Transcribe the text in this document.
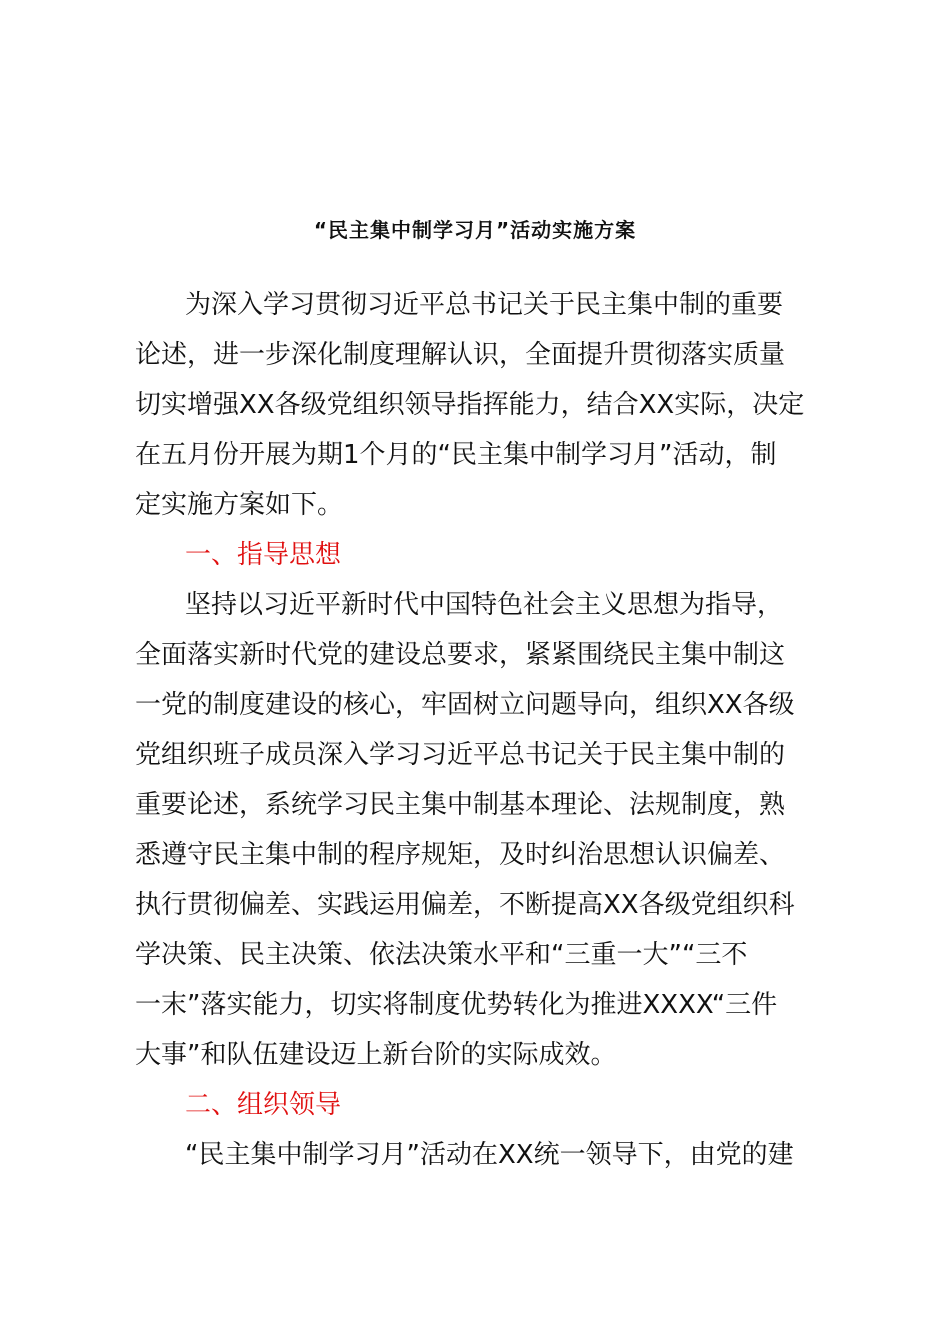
“民主集中制学习月”活动实施方案
为深入学习贯彻习近平总书记关于民主集中制的重要
论述，进一步深化制度理解认识，全面提升贯彻落实质量
切实增强XX各级党组织领导指挥能力，结合XX实际，决定
在五月份开展为期1个月的“民主集中制学习月”活动，制
定实施方案如下。
一、指导思想
坚持以习近平新时代中国特色社会主义思想为指导，
全面落实新时代党的建设总要求，紧紧围绕民主集中制这
一党的制度建设的核心，牢固树立问题导向，组织XX各级
党组织班子成员深入学习习近平总书记关于民主集中制的
重要论述，系统学习民主集中制基本理论、法规制度，熟
悉遵守民主集中制的程序规矩，及时纠治思想认识偏差、
执行贯彻偏差、实践运用偏差，不断提高XX各级党组织科
学决策、民主决策、依法决策水平和“三重一大”“三不
一末”落实能力，切实将制度优势转化为推进XXXX“三件
大事”和队伍建设迈上新台阶的实际成效。
二、组织领导
“民主集中制学习月”活动在XX统一领导下，由党的建
